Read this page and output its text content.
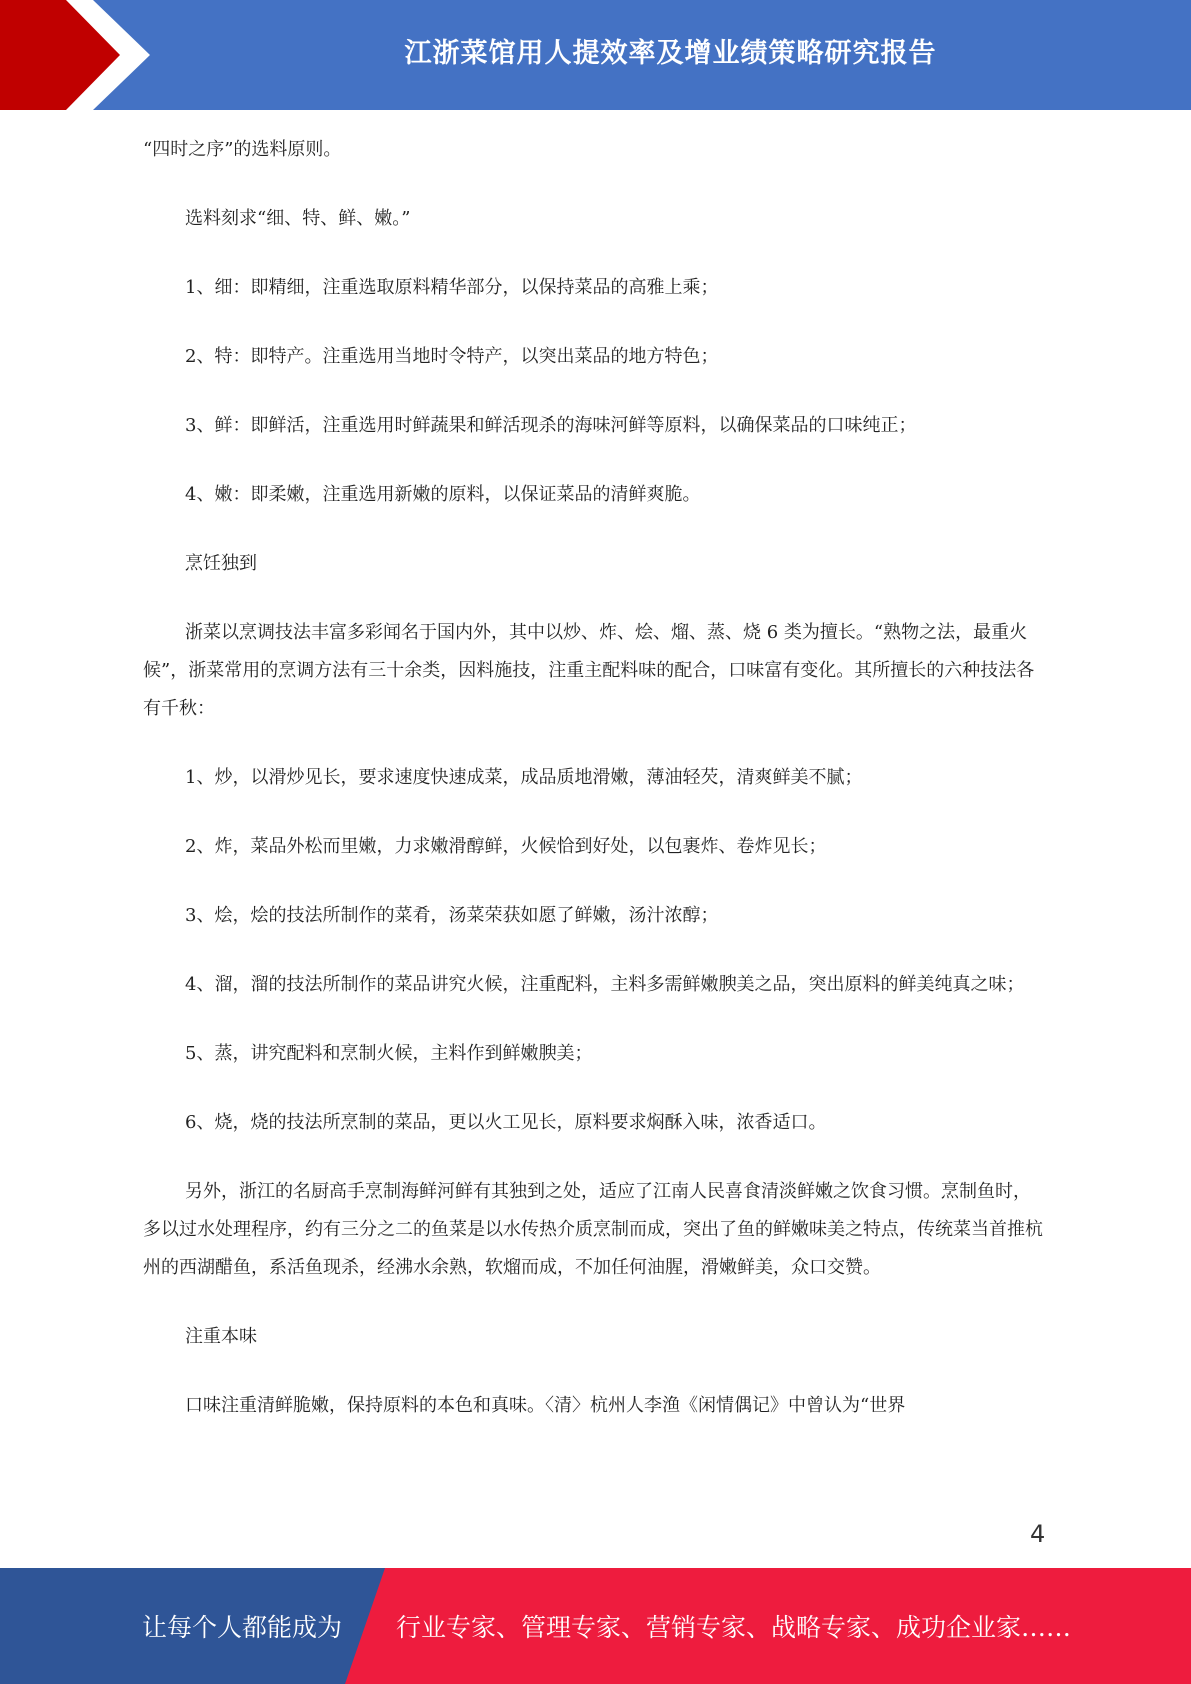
江浙菜馆用人提效率及增业绩策略研究报告

“四时之序”的选料原则。

选料刻求“细、特、鲜、嫩。”

1、细：即精细，注重选取原料精华部分，以保持菜品的高雅上乘；

2、特：即特产。注重选用当地时令特产，以突出菜品的地方特色；

3、鲜：即鲜活，注重选用时鲜蔬果和鲜活现杀的海味河鲜等原料，以确保菜品的口味纯正；

4、嫩：即柔嫩，注重选用新嫩的原料，以保证菜品的清鲜爽脆。

烹饪独到

浙菜以烹调技法丰富多彩闻名于国内外，其中以炒、炸、烩、熘、蒸、烧 6 类为擅长。“熟物之法，最重火候”，浙菜常用的烹调方法有三十余类，因料施技，注重主配料味的配合，口味富有变化。其所擅长的六种技法各有千秋：

1、炒，以滑炒见长，要求速度快速成菜，成品质地滑嫩，薄油轻芡，清爽鲜美不腻；

2、炸，菜品外松而里嫩，力求嫩滑醇鲜，火候恰到好处，以包裹炸、卷炸见长；

3、烩，烩的技法所制作的菜肴，汤菜荣获如愿了鲜嫩，汤汁浓醇；

4、溜，溜的技法所制作的菜品讲究火候，注重配料，主料多需鲜嫩腴美之品，突出原料的鲜美纯真之味；

5、蒸，讲究配料和烹制火候，主料作到鲜嫩腴美；

6、烧，烧的技法所烹制的菜品，更以火工见长，原料要求焖酥入味，浓香适口。

另外，浙江的名厨高手烹制海鲜河鲜有其独到之处，适应了江南人民喜食清淡鲜嫩之饮食习惯。烹制鱼时，多以过水处理程序，约有三分之二的鱼菜是以水传热介质烹制而成，突出了鱼的鲜嫩味美之特点，传统菜当首推杭州的西湖醋鱼，系活鱼现杀，经沸水余熟，软熘而成，不加任何油腥，滑嫩鲜美，众口交赞。

注重本味

口味注重清鲜脆嫩，保持原料的本色和真味。〈清〉杭州人李渔《闲情偶记》中曾认为“世界

4
让每个人都能成为 行业专家、管理专家、营销专家、战略专家、成功企业家……
